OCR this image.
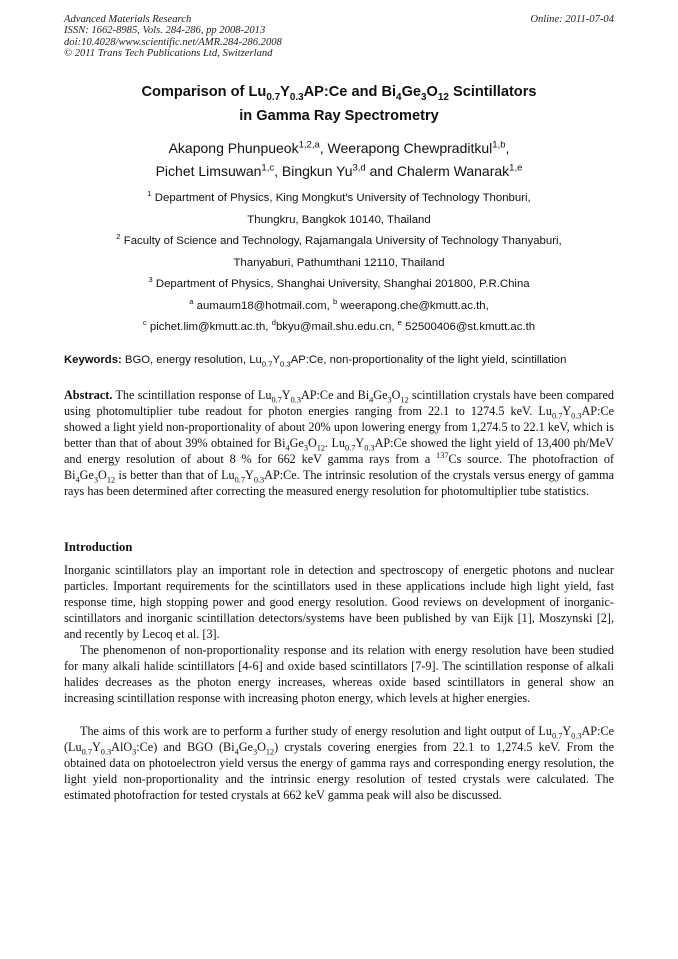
Advanced Materials Research
ISSN: 1662-8985, Vols. 284-286, pp 2008-2013
doi:10.4028/www.scientific.net/AMR.284-286.2008
© 2011 Trans Tech Publications Ltd, Switzerland
Online: 2011-07-04
Comparison of $Lu_{0.7}Y_{0.3}AP:Ce$ and $Bi_4Ge_3O_{12}$ Scintillators
in Gamma Ray Spectrometry
Akapong Phunpueok$^{1,2,a}$, Weerapong Chewpraditkul$^{1,b}$,
Pichet Limsuwan$^{1,c}$, Bingkun Yu$^{3,d}$ and Chalerm Wanarak$^{1,e}$
$^1$ Department of Physics, King Mongkut's University of Technology Thonburi,
Thungkru, Bangkok 10140, Thailand
$^2$ Faculty of Science and Technology, Rajamangala University of Technology Thanyaburi,
Thanyaburi, Pathumthani 12110, Thailand
$^3$ Department of Physics, Shanghai University, Shanghai 201800, P.R.China
$^a$ aumaum18@hotmail.com, $^b$ weerapong.che@kmutt.ac.th,
$^c$ pichet.lim@kmutt.ac.th, $^d$bkyu@mail.shu.edu.cn, $^e$ 52500406@st.kmutt.ac.th
Keywords: BGO, energy resolution, $Lu_{0.7}Y_{0.3}AP:Ce$, non-proportionality of the light yield, scintillation
Abstract. The scintillation response of $Lu_{0.7}Y_{0.3}AP:Ce$ and $Bi_4Ge_3O_{12}$ scintillation crystals have been compared using photomultiplier tube readout for photon energies ranging from 22.1 to 1274.5 keV. $Lu_{0.7}Y_{0.3}AP:Ce$ showed a light yield non-proportionality of about 20% upon lowering energy from 1,274.5 to 22.1 keV, which is better than that of about 39% obtained for $Bi_4Ge_3O_{12}$. $Lu_{0.7}Y_{0.3}AP:Ce$ showed the light yield of 13,400 ph/MeV and energy resolution of about 8 % for 662 keV gamma rays from a $^{137}$Cs source. The photofraction of $Bi_4Ge_3O_{12}$ is better than that of $Lu_{0.7}Y_{0.3}AP:Ce$. The intrinsic resolution of the crystals versus energy of gamma rays has been determined after correcting the measured energy resolution for photomultiplier tube statistics.
Introduction
Inorganic scintillators play an important role in detection and spectroscopy of energetic photons and nuclear particles. Important requirements for the scintillators used in these applications include high light yield, fast response time, high stopping power and good energy resolution. Good reviews on development of inorganic-scintillators and inorganic scintillation detectors/systems have been published by van Eijk [1], Moszynski [2], and recently by Lecoq et al. [3].
The phenomenon of non-proportionality response and its relation with energy resolution have been studied for many alkali halide scintillators [4-6] and oxide based scintillators [7-9]. The scintillation response of alkali halides decreases as the photon energy increases, whereas oxide based scintillators in general show an increasing scintillation response with increasing photon energy, which levels at higher energies.
The aims of this work are to perform a further study of energy resolution and light output of $Lu_{0.7}Y_{0.3}AP:Ce$ $(Lu_{0.7}Y_{0.3}AlO_3:Ce)$ and BGO $(Bi_4Ge_3O_{12})$ crystals covering energies from 22.1 to 1,274.5 keV. From the obtained data on photoelectron yield versus the energy of gamma rays and corresponding energy resolution, the light yield non-proportionality and the intrinsic energy resolution of tested crystals were calculated. The estimated photofraction for tested crystals at 662 keV gamma peak will also be discussed.
